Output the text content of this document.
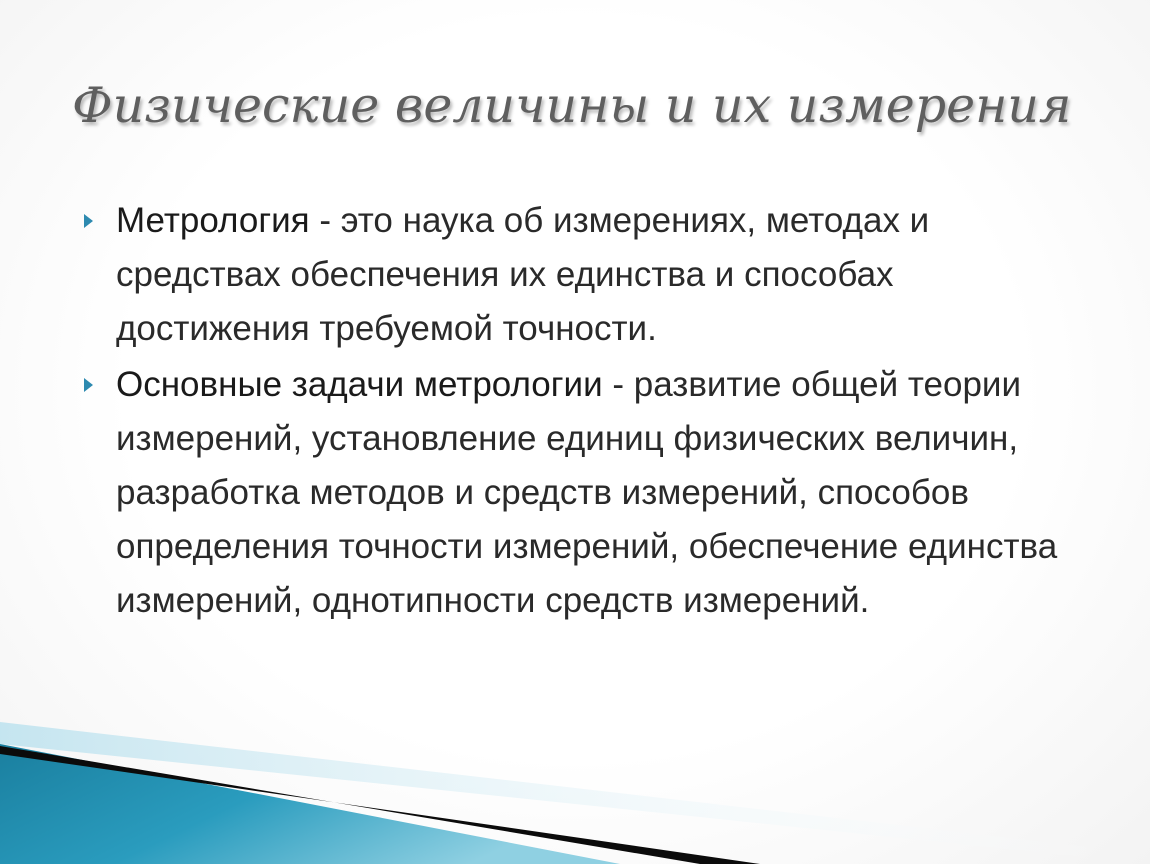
Физические величины и их измерения
Метрология - это наука об измерениях, методах и средствах обеспечения их единства и способах достижения требуемой точности.
Основные задачи метрологии - развитие общей теории измерений, установление единиц физических величин, разработка методов и средств измерений, способов определения точности измерений, обеспечение единства измерений, однотипности средств измерений.
